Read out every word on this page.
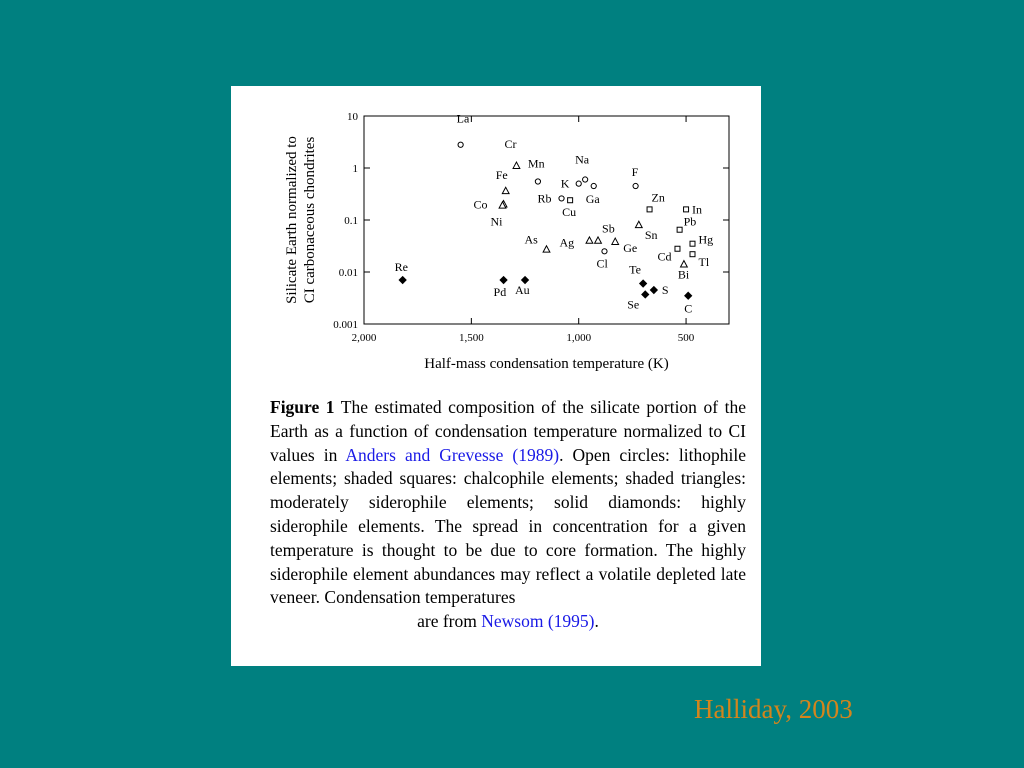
2,000	1,500	1,000	500
10
1
0.1
0.01
0.001
La
Cr
Mn
Fe
Co
Ni
Na
K
Ga
Rb
Cu
F
Zn
In
Sb
Ag
Sn
As
Cl
Ge
Pb
Hg
Cd Tl
Bi
Te
S
Se	C
Re
Pd Au
Half-mass condensation temperature (K)
Silicate Earth normalized to CI carbonaceous chondrites
Figure 1 The estimated composition of the silicate portion of the Earth as a function of condensation temperature normalized to CI values in Anders and Grevesse (1989). Open circles: lithophile elements; shaded squares: chalcophile elements; shaded triangles: moderately siderophile elements; solid diamonds: highly siderophile elements. The spread in concentration for a given temperature is thought to be due to core formation. The highly siderophile element abundances may reflect a volatile depleted late veneer. Condensation temperatures
are from Newsom (1995).
Halliday, 2003
